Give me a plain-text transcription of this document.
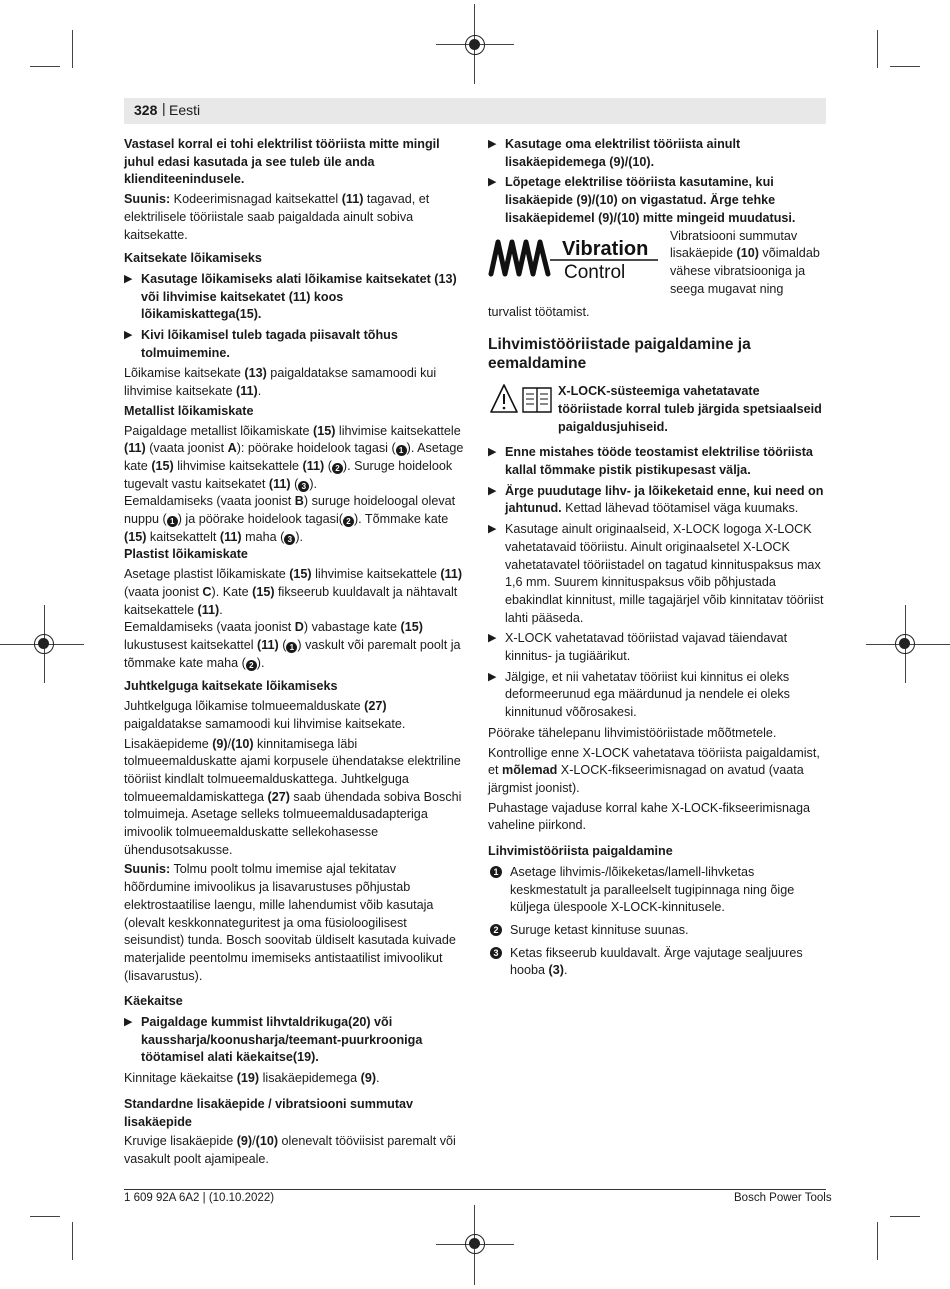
328 | Eesti

Vastasel korral ei tohi elektrilist tööriista mitte mingil juhul edasi kasutada ja see tuleb üle anda klienditeenindusele.

Suunis: Kodeerimisnagad kaitsekattel (11) tagavad, et elektrilisele tööriistale saab paigaldada ainult sobiva kaitsekatte.

Kaitsekate lõikamiseks

▶ Kasutage lõikamiseks alati lõikamise kaitsekatet (13) või lihvimise kaitsekatet (11) koos lõikamiskattega(15).
▶ Kivi lõikamisel tuleb tagada piisavalt tõhus tolmuimemine.

Lõikamise kaitsekate (13) paigaldatakse samamoodi kui lihvimise kaitsekate (11).

Metallist lõikamiskate

Paigaldage metallist lõikamiskate (15) lihvimise kaitsekattele (11) (vaata joonist A): pöörake hoidelook tagasi ( 1 ). Asetage kate (15) lihvimise kaitsekattele (11) ( 2 ). Suruge hoidelook tugevalt vastu kaitsekatet (11) ( 3 ).

Eemaldamiseks (vaata joonist B) suruge hoideloogal olevat nuppu ( 1 ) ja pöörake hoidelook tagasi( 2 ). Tõmmake kate (15) kaitsekattelt (11) maha ( 3 ).

Plastist lõikamiskate

Asetage plastist lõikamiskate (15) lihvimise kaitsekattele (11) (vaata joonist C). Kate (15) fikseerub kuuldavalt ja nähtavalt kaitsekattele (11).

Eemaldamiseks (vaata joonist D) vabastage kate (15) lukustusest kaitsekattel (11) ( 1 ) vaskult või paremalt poolt ja tõmmake kate maha ( 2 ).

Juhtkelguga kaitsekate lõikamiseks

Juhtkelguga lõikamise tolmueemalduskate (27) paigaldatakse samamoodi kui lihvimise kaitsekate.

Lisakäepideme (9)/(10) kinnitamisega läbi tolmueemalduskatte ajami korpusele ühendatakse elektriline tööriist kindlalt tolmueemalduskattega. Juhtkelguga tolmueemaldamiskattega (27) saab ühendada sobiva Boschi tolmuimeja. Asetage selleks tolmueemaldusadapteriga imivoolik tolmueemalduskatte sellekohasesse ühendusotsakusse.

Suunis: Tolmu poolt tolmu imemise ajal tekitatav hõõrdumine imivoolikus ja lisavarustuses põhjustab elektrostaatilise laengu, mille lahendumist võib kasutaja (olevalt keskkonnateguritest ja oma füsioloogilisest seisundist) tunda. Bosch soovitab üldiselt kasutada kuivade materjalide peentolmu imemiseks antistaatilist imivoolikut (lisavarustus).

Käekaitse

▶ Paigaldage kummist lihvtaldrikuga(20) või kaussharja/koonusharja/teemant-puurkrooniga töötamisel alati käekaitse(19).

Kinnitage käekaitse (19) lisakäepidemega (9).

Standardne lisakäepide / vibratsiooni summutav lisakäepide

Kruvige lisakäepide (9)/(10) olenevalt tööviisist paremalt või vasakult poolt ajamipeale.

▶ Kasutage oma elektrilist tööriista ainult lisakäepidemega (9)/(10).
▶ Lõpetage elektrilise tööriista kasutamine, kui lisakäepide (9)/(10) on vigastatud. Ärge tehke lisakäepidemel (9)/(10) mitte mingeid muudatusi.
Vibration
Control
Vibratsiooni summutav lisakäepide (10) võimaldab vähese vibratsiooniga ja seega mugavat ning

turvalist töötamist.

Lihvimistööriistade paigaldamine ja eemaldamine

X-LOCK-süsteemiga vahetatavate tööriistade korral tuleb järgida spetsiaalseid paigaldusjuhiseid.
▶ Enne mistahes tööde teostamist elektrilise tööriista kallal tõmmake pistik pistikupesast välja.
▶ Ärge puudutage lihv- ja lõikeketaid enne, kui need on jahtunud. Kettad lähevad töötamisel väga kuumaks.
▶ Kasutage ainult originaalseid, X-LOCK logoga X-LOCK vahetatavaid tööriistu. Ainult originaalsetel X-LOCK vahetatavatel tööriistadel on tagatud kinnituspaksus max 1,6 mm. Suurem kinnituspaksus võib põhjustada ebakindlat kinnitust, mille tagajärjel võib kinnitatav tööriist lahti pääseda.
▶ X-LOCK vahetatavad tööriistad vajavad täiendavat kinnitus- ja tugiäärikut.
▶ Jälgige, et nii vahetatav tööriist kui kinnitus ei oleks deformeerunud ega määrdunud ja nendele ei oleks kinnitunud võõrosakesi.

Pöörake tähelepanu lihvimistööriistade mõõtmetele.

Kontrollige enne X-LOCK vahetatava tööriista paigaldamist, et mõlemad X-LOCK-fikseerimisnagad on avatud (vaata järgmist joonist).

Puhastage vajaduse korral kahe X-LOCK-fikseerimisnaga vaheline piirkond.

Lihvimistööriista paigaldamine

1 Asetage lihvimis-/lõikeketas/lamell-lihvketas keskmestatult ja paralleelselt tugipinnaga ning õige küljega ülespoole X-LOCK-kinnitusele.
2 Suruge ketast kinnituse suunas.
3 Ketas fikseerub kuuldavalt. Ärge vajutage sealjuures hooba (3).
1 609 92A 6A2 | (10.10.2022)	Bosch Power Tools
